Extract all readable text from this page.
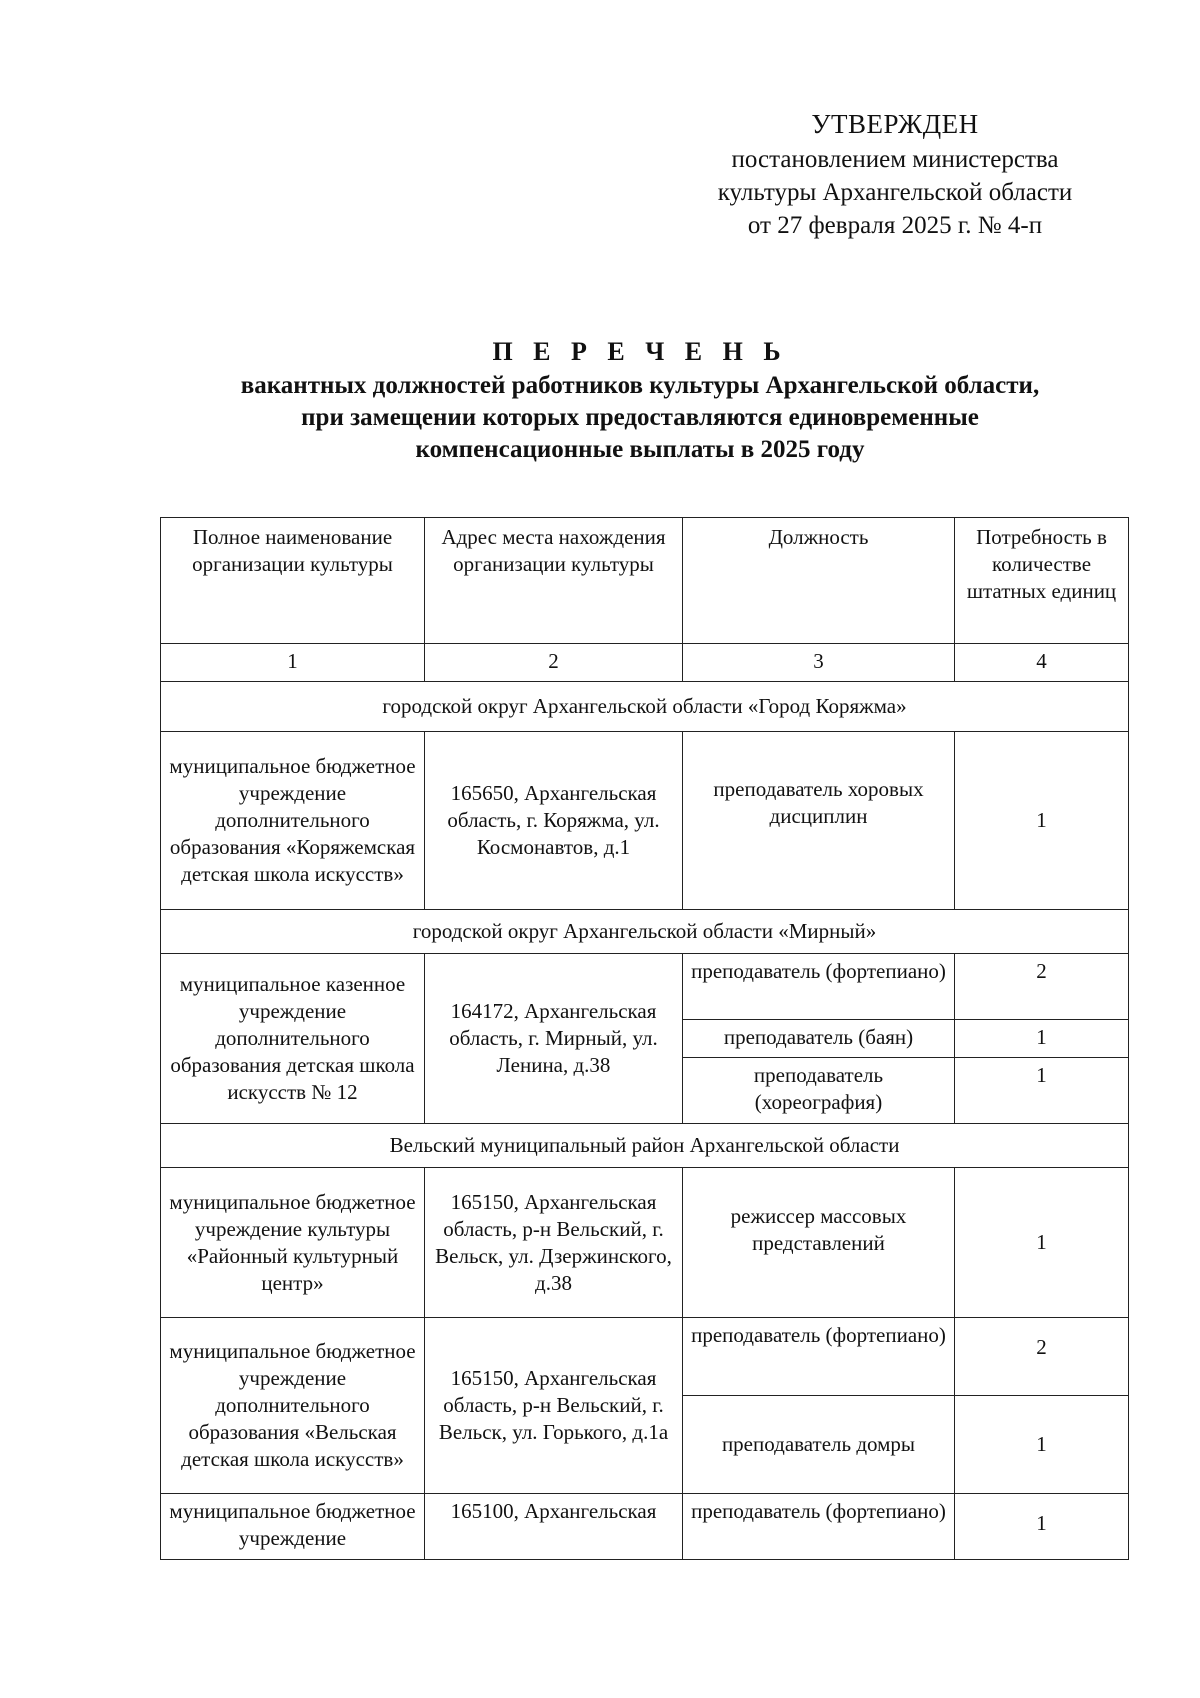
УТВЕРЖДЕН
постановлением министерства
культуры Архангельской области
от 27 февраля 2025 г. № 4-п
П Е Р Е Ч Е Н Ь
вакантных должностей работников культуры Архангельской области,
при замещении которых предоставляются единовременные
компенсационные выплаты в 2025 году
Полное наименование организации культуры	Адрес места нахождения организации культуры	Должность	Потребность в количестве штатных единиц
1	2	3	4
городской округ Архангельской области «Город Коряжма»			
муниципальное бюджетное учреждение дополнительного образования «Коряжемская детская школа искусств»	165650, Архангельская область, г. Коряжма, ул. Космонавтов, д.1	преподаватель хоровых дисциплин	1
городской округ Архангельской области «Мирный»			
муниципальное казенное учреждение дополнительного образования детская школа искусств № 12	164172, Архангельская область, г. Мирный, ул. Ленина, д.38	преподаватель (фортепиано)	2
		преподаватель (баян)	1
		преподаватель (хореография)	1
Вельский муниципальный район Архангельской области			
муниципальное бюджетное учреждение культуры «Районный культурный центр»	165150, Архангельская область, р-н Вельский, г. Вельск, ул. Дзержинского, д.38	режиссер массовых представлений	1
муниципальное бюджетное учреждение дополнительного образования «Вельская детская школа искусств»	165150, Архангельская область, р-н Вельский, г. Вельск, ул. Горького, д.1а	преподаватель (фортепиано)	2
		преподаватель домры	1
муниципальное бюджетное учреждение	165100, Архангельская	преподаватель (фортепиано)	1
